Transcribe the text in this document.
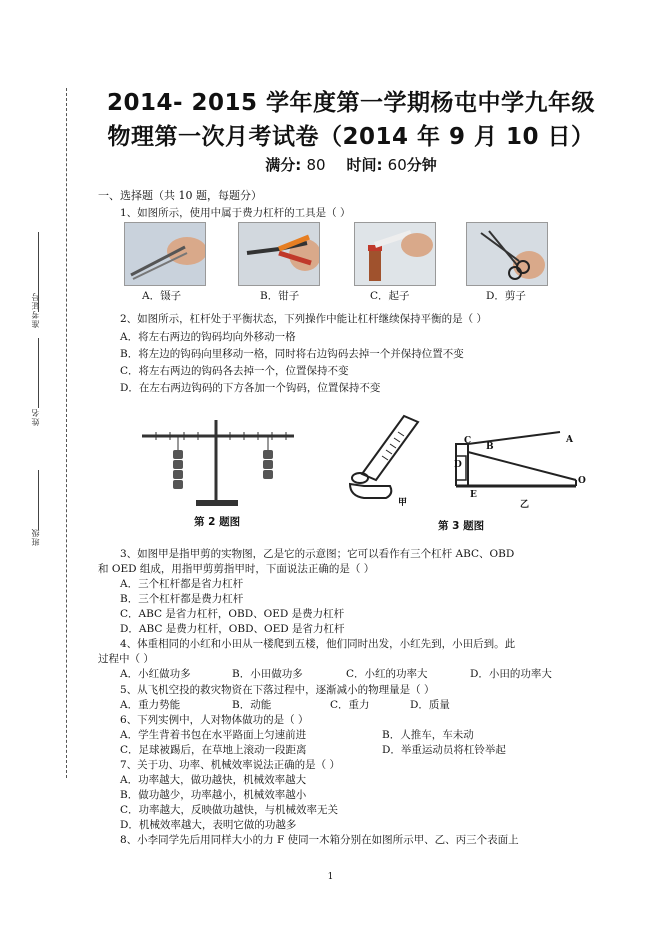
准考证号
姓名
班级
2014- 2015 学年度第一学期杨屯中学九年级
物理第一次月考试卷（2014 年 9 月 10 日）
满分: 80 时间: 60分钟
一、选择题（共 10 题，每题分）
1、如图所示，使用中属于费力杠杆的工具是（ ）
A．镊子	B．钳子	C．起子	D．剪子
2、如图所示，杠杆处于平衡状态，下列操作中能让杠杆继续保持平衡的是（ ）
A．将左右两边的钩码均向外移动一格
B．将左边的钩码向里移动一格，同时将右边钩码去掉一个并保持位置不变
C．将左右两边的钩码各去掉一个，位置保持不变
D．在左右两边钩码的下方各加一个钩码，位置保持不变
第 2 题图
甲
A
B
C
D
E
O
乙
第 3 题图
3、如图甲是指甲剪的实物图，乙是它的示意图；它可以看作有三个杠杆 ABC、OBD
和 OED 组成，用指甲剪剪指甲时，下面说法正确的是（ ）
A．三个杠杆都是省力杠杆
B．三个杠杆都是费力杠杆
C．ABC 是省力杠杆，OBD、OED 是费力杠杆
D．ABC 是费力杠杆，OBD、OED 是省力杠杆
4、体重相同的小红和小田从一楼爬到五楼，他们同时出发，小红先到，小田后到。此
过程中（ ）
A．小红做功多	B．小田做功多	C．小红的功率大	D．小田的功率大
5、从飞机空投的救灾物资在下落过程中，逐渐减小的物理量是（ ）
A．重力势能	B．动能	C．重力	D．质量
6、下列实例中，人对物体做功的是（ ）
A．学生背着书包在水平路面上匀速前进	B．人推车，车未动
C．足球被踢后，在草地上滚动一段距离	D．举重运动员将杠铃举起
7、关于功、功率、机械效率说法正确的是（ ）
A．功率越大，做功越快，机械效率越大
B．做功越少，功率越小，机械效率越小
C．功率越大，反映做功越快，与机械效率无关
D．机械效率越大，表明它做的功越多
8、小李同学先后用同样大小的力 F 使同一木箱分别在如图所示甲、乙、丙三个表面上
1
